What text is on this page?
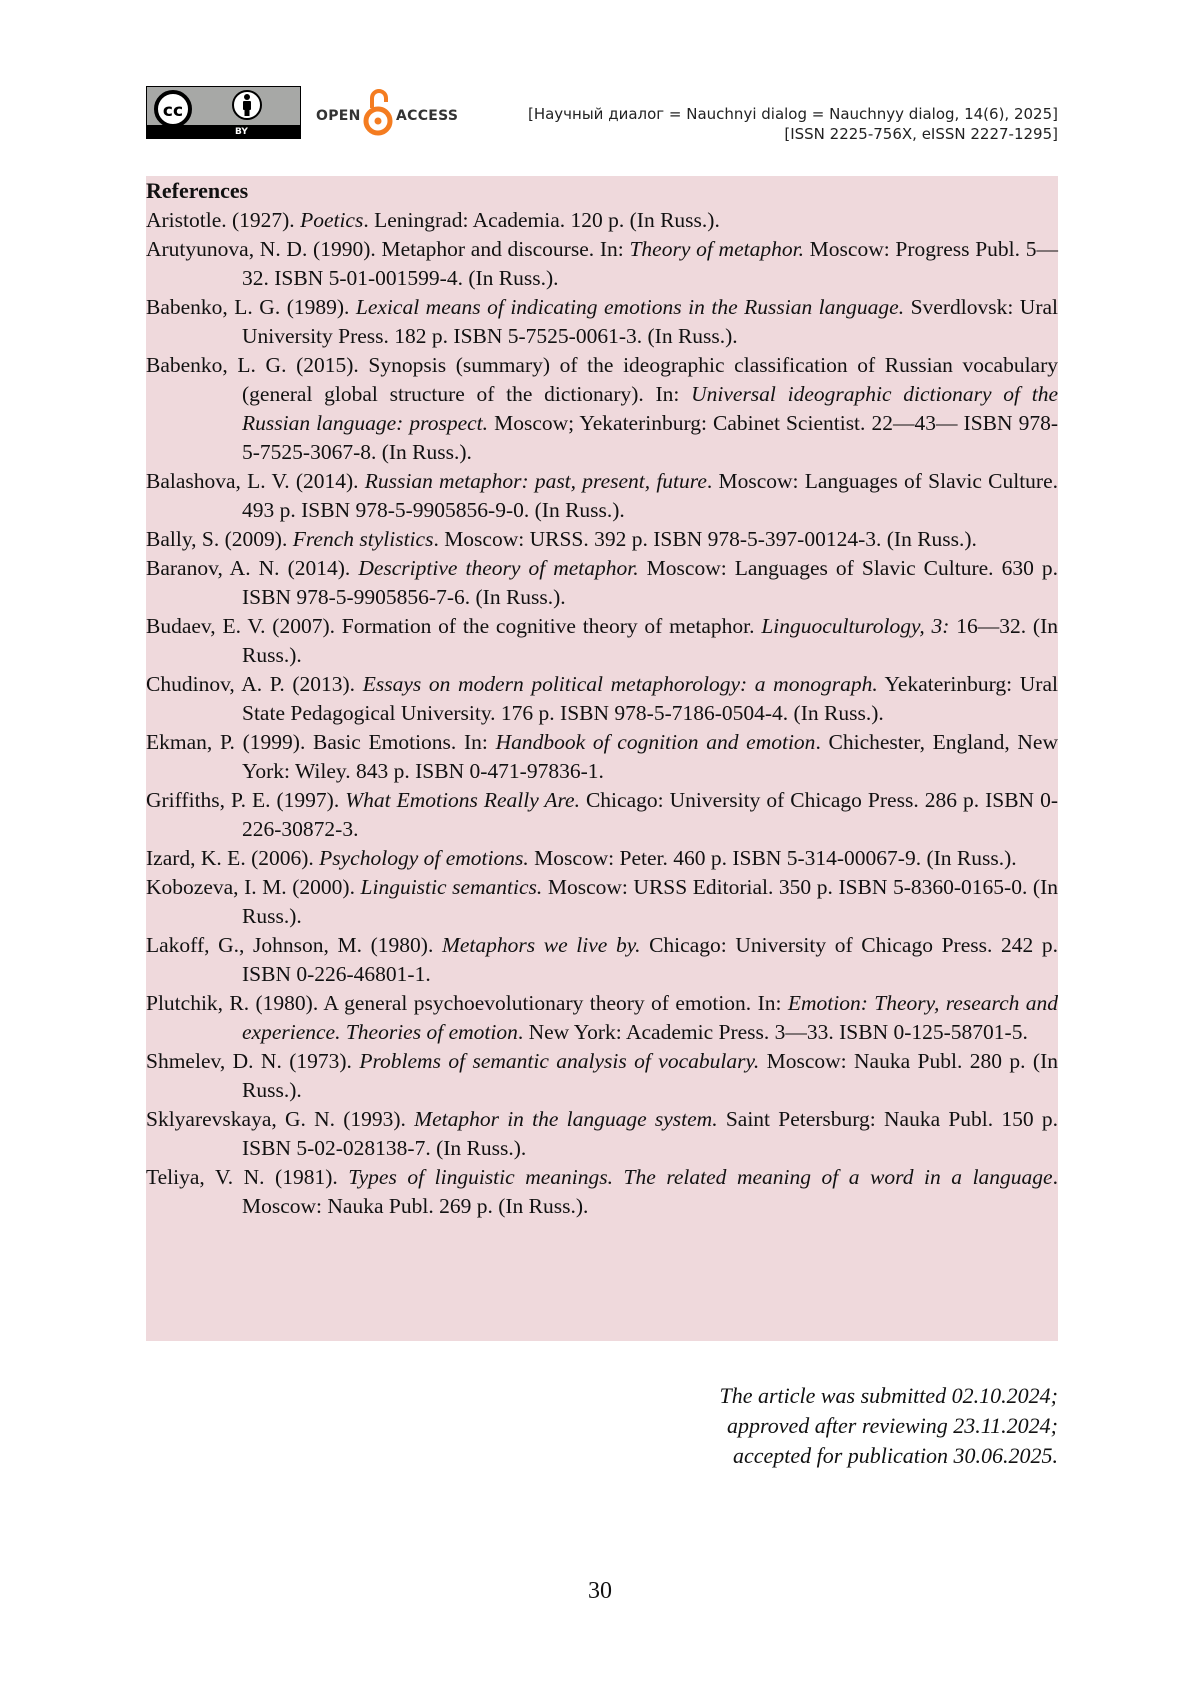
cc
BY
OPEN	ACCESS	[Научный диалог = Nauchnyi dialog = Nauchnyy dialog, 14(6), 2025]
[ISSN 2225-756X, eISSN 2227-1295]
References
Aristotle. (1927). Poetics. Leningrad: Academia. 120 p. (In Russ.).
Arutyunova, N. D. (1990). Metaphor and discourse. In: Theory of metaphor. Moscow: Progress Publ. 5—32. ISBN 5-01-001599-4. (In Russ.).
Babenko, L. G. (1989). Lexical means of indicating emotions in the Russian language. Sverdlovsk: Ural University Press. 182 p. ISBN 5-7525-0061-3. (In Russ.).
Babenko, L. G. (2015). Synopsis (summary) of the ideographic classification of Russian vocabulary (general global structure of the dictionary). In: Universal ideographic dictionary of the Russian language: prospect. Moscow; Yekaterinburg: Cabinet Scientist. 22—43— ISBN 978-5-7525-3067-8. (In Russ.).
Balashova, L. V. (2014). Russian metaphor: past, present, future. Moscow: Languages of Slavic Culture. 493 p. ISBN 978-5-9905856-9-0. (In Russ.).
Bally, S. (2009). French stylistics. Moscow: URSS. 392 p. ISBN 978-5-397-00124-3. (In Russ.).
Baranov, A. N. (2014). Descriptive theory of metaphor. Moscow: Languages of Slavic Culture. 630 p. ISBN 978-5-9905856-7-6. (In Russ.).
Budaev, E. V. (2007). Formation of the cognitive theory of metaphor. Linguoculturology, 3: 16—32. (In Russ.).
Chudinov, A. P. (2013). Essays on modern political metaphorology: a monograph. Yekaterinburg: Ural State Pedagogical University. 176 p. ISBN 978-5-7186-0504-4. (In Russ.).
Ekman, P. (1999). Basic Emotions. In: Handbook of cognition and emotion. Chichester, England, New York: Wiley. 843 p. ISBN 0-471-97836-1.
Griffiths, P. E. (1997). What Emotions Really Are. Chicago: University of Chicago Press. 286 p. ISBN 0-226-30872-3.
Izard, K. E. (2006). Psychology of emotions. Moscow: Peter. 460 p. ISBN 5-314-00067-9. (In Russ.).
Kobozeva, I. M. (2000). Linguistic semantics. Moscow: URSS Editorial. 350 p. ISBN 5-8360-0165-0. (In Russ.).
Lakoff, G., Johnson, M. (1980). Metaphors we live by. Chicago: University of Chicago Press. 242 p. ISBN 0-226-46801-1.
Plutchik, R. (1980). A general psychoevolutionary theory of emotion. In: Emotion: Theory, research and experience. Theories of emotion. New York: Academic Press. 3—33. ISBN 0-125-58701-5.
Shmelev, D. N. (1973). Problems of semantic analysis of vocabulary. Moscow: Nauka Publ. 280 p. (In Russ.).
Sklyarevskaya, G. N. (1993). Metaphor in the language system. Saint Petersburg: Nauka Publ. 150 p. ISBN 5-02-028138-7. (In Russ.).
Teliya, V. N. (1981). Types of linguistic meanings. The related meaning of a word in a language. Moscow: Nauka Publ. 269 p. (In Russ.).
The article was submitted 02.10.2024;
approved after reviewing 23.11.2024;
accepted for publication 30.06.2025.
30
